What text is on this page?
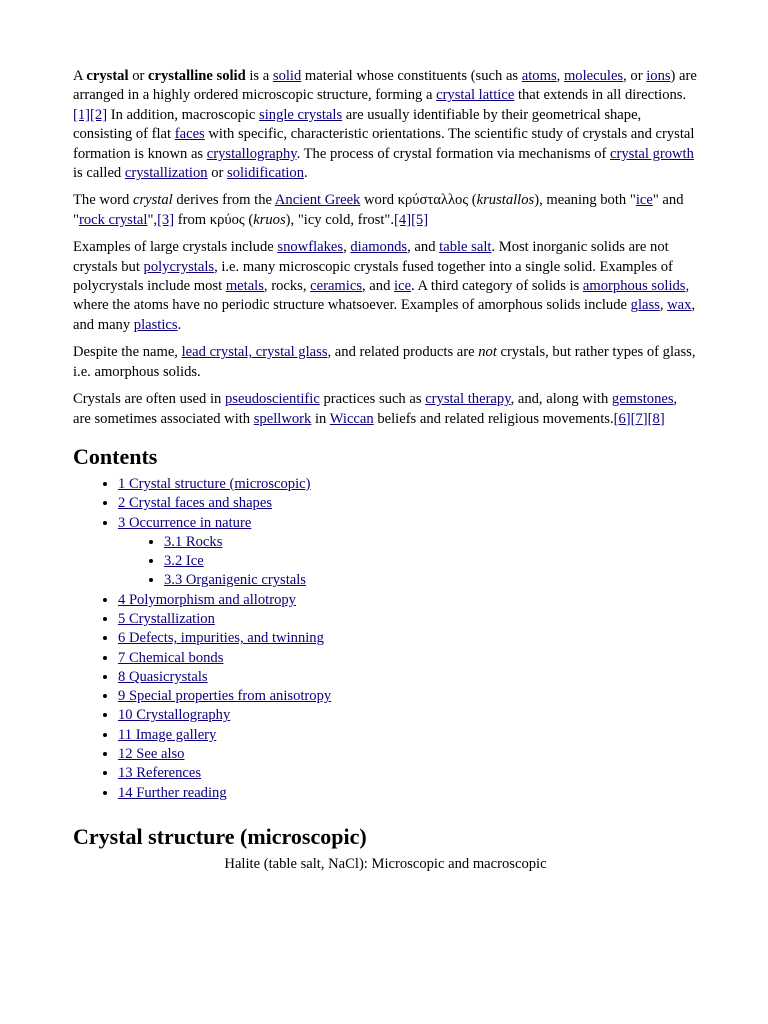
A crystal or crystalline solid is a solid material whose constituents (such as atoms, molecules, or ions) are arranged in a highly ordered microscopic structure, forming a crystal lattice that extends in all directions.[1][2] In addition, macroscopic single crystals are usually identifiable by their geometrical shape, consisting of flat faces with specific, characteristic orientations. The scientific study of crystals and crystal formation is known as crystallography. The process of crystal formation via mechanisms of crystal growth is called crystallization or solidification.

The word crystal derives from the Ancient Greek word κρύσταλλος (krustallos), meaning both "ice" and "rock crystal",[3] from κρύος (kruos), "icy cold, frost".[4][5]

Examples of large crystals include snowflakes, diamonds, and table salt. Most inorganic solids are not crystals but polycrystals, i.e. many microscopic crystals fused together into a single solid. Examples of polycrystals include most metals, rocks, ceramics, and ice. A third category of solids is amorphous solids, where the atoms have no periodic structure whatsoever. Examples of amorphous solids include glass, wax, and many plastics.

Despite the name, lead crystal, crystal glass, and related products are not crystals, but rather types of glass, i.e. amorphous solids.

Crystals are often used in pseudoscientific practices such as crystal therapy, and, along with gemstones, are sometimes associated with spellwork in Wiccan beliefs and related religious movements.[6][7][8]

Contents
• 1 Crystal structure (microscopic)
• 2 Crystal faces and shapes
• 3 Occurrence in nature
• 3.1 Rocks
• 3.2 Ice
• 3.3 Organigenic crystals
• 4 Polymorphism and allotropy
• 5 Crystallization
• 6 Defects, impurities, and twinning
• 7 Chemical bonds
• 8 Quasicrystals
• 9 Special properties from anisotropy
• 10 Crystallography
• 11 Image gallery
• 12 See also
• 13 References
• 14 Further reading
Crystal structure (microscopic)
Halite (table salt, NaCl): Microscopic and macroscopic
